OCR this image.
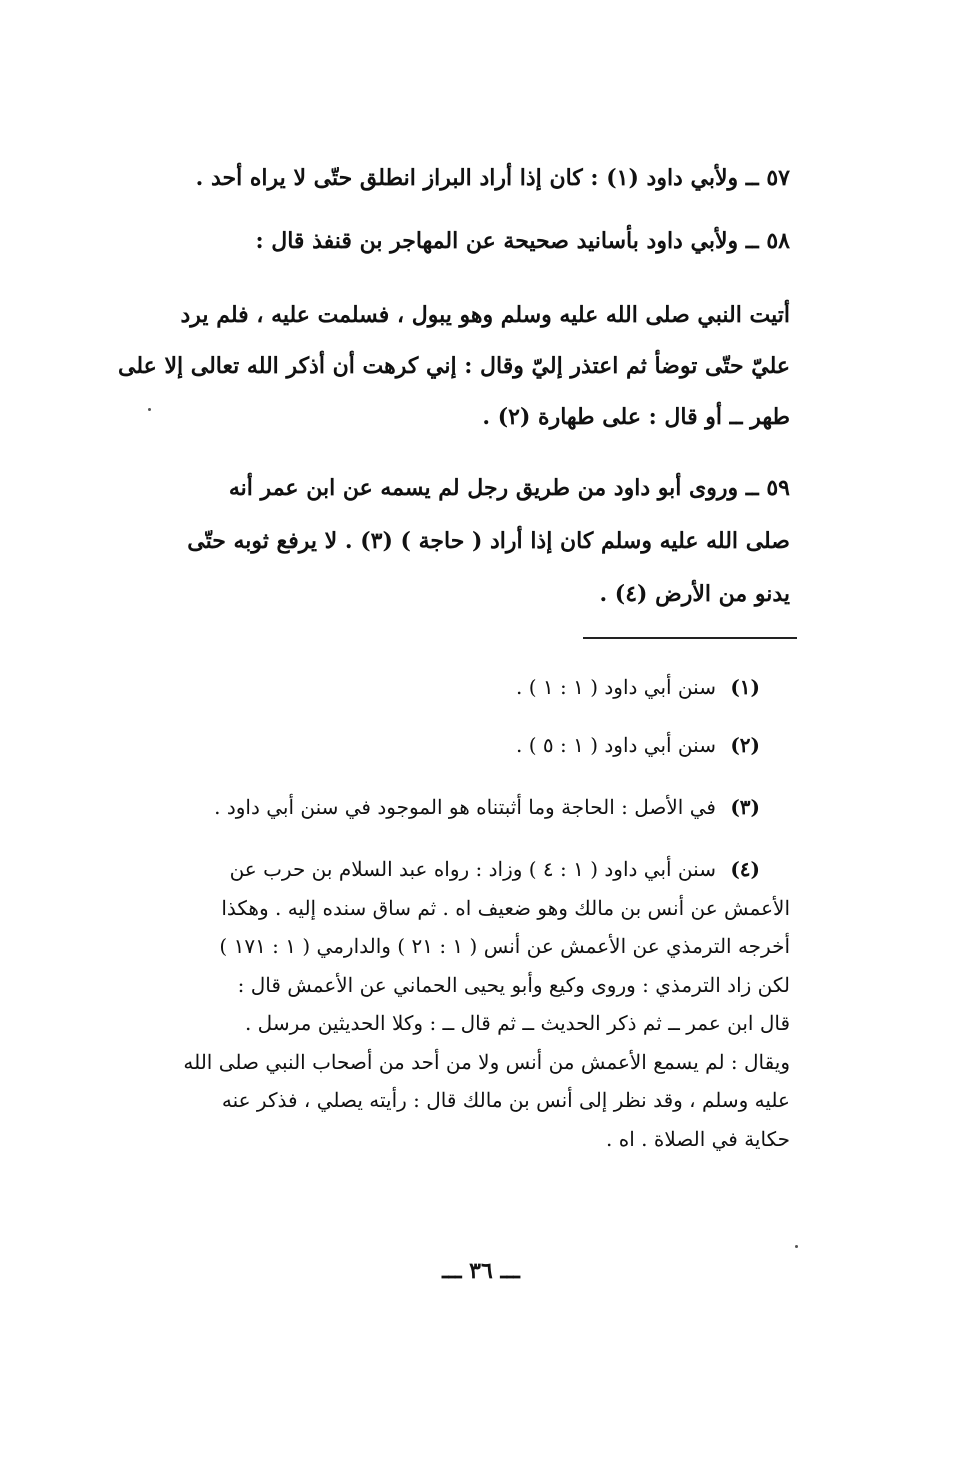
٥٧ ــ ولأبي داود (١) : كان إذا أراد البراز انطلق حتّى لا يراه أحد .

٥٨ ــ ولأبي داود بأسانيد صحيحة عن المهاجر بن قنفذ قال :

أتيت النبي صلى الله عليه وسلم وهو يبول ، فسلمت عليه ، فلم يرد
عليّ حتّى توضأ ثم اعتذر إليّ وقال : إني كرهت أن أذكر الله تعالى إلا على
طهر ــ أو قال : على طهارة (٢) .
٥٩ ــ وروى أبو داود من طريق رجل لم يسمه عن ابن عمر أنه
صلى الله عليه وسلم كان إذا أراد ( حاجة ) (٣) . لا يرفع ثوبه حتّى
يدنو من الأرض (٤) .
(١) سنن أبي داود ( ١ : ١ ) .
(٢) سنن أبي داود ( ١ : ٥ ) .
(٣) في الأصل : الحاجة وما أثبتناه هو الموجود في سنن أبي داود .
(٤) سنن أبي داود ( ١ : ٤ ) وزاد : رواه عبد السلام بن حرب عن
الأعمش عن أنس بن مالك وهو ضعيف اه . ثم ساق سنده إليه . وهكذا
أخرجه الترمذي عن الأعمش عن أنس ( ١ : ٢١ ) والدارمي ( ١ : ١٧١ )
لكن زاد الترمذي : وروى وكيع وأبو يحيى الحماني عن الأعمش قال :
قال ابن عمر ــ ثم ذكر الحديث ــ ثم قال ــ : وكلا الحديثين مرسل .
ويقال : لم يسمع الأعمش من أنس ولا من أحد من أصحاب النبي صلى الله
عليه وسلم ، وقد نظر إلى أنس بن مالك قال : رأيته يصلي ، فذكر عنه
حكاية في الصلاة . اه .
ـــ ٣٦ ـــ
